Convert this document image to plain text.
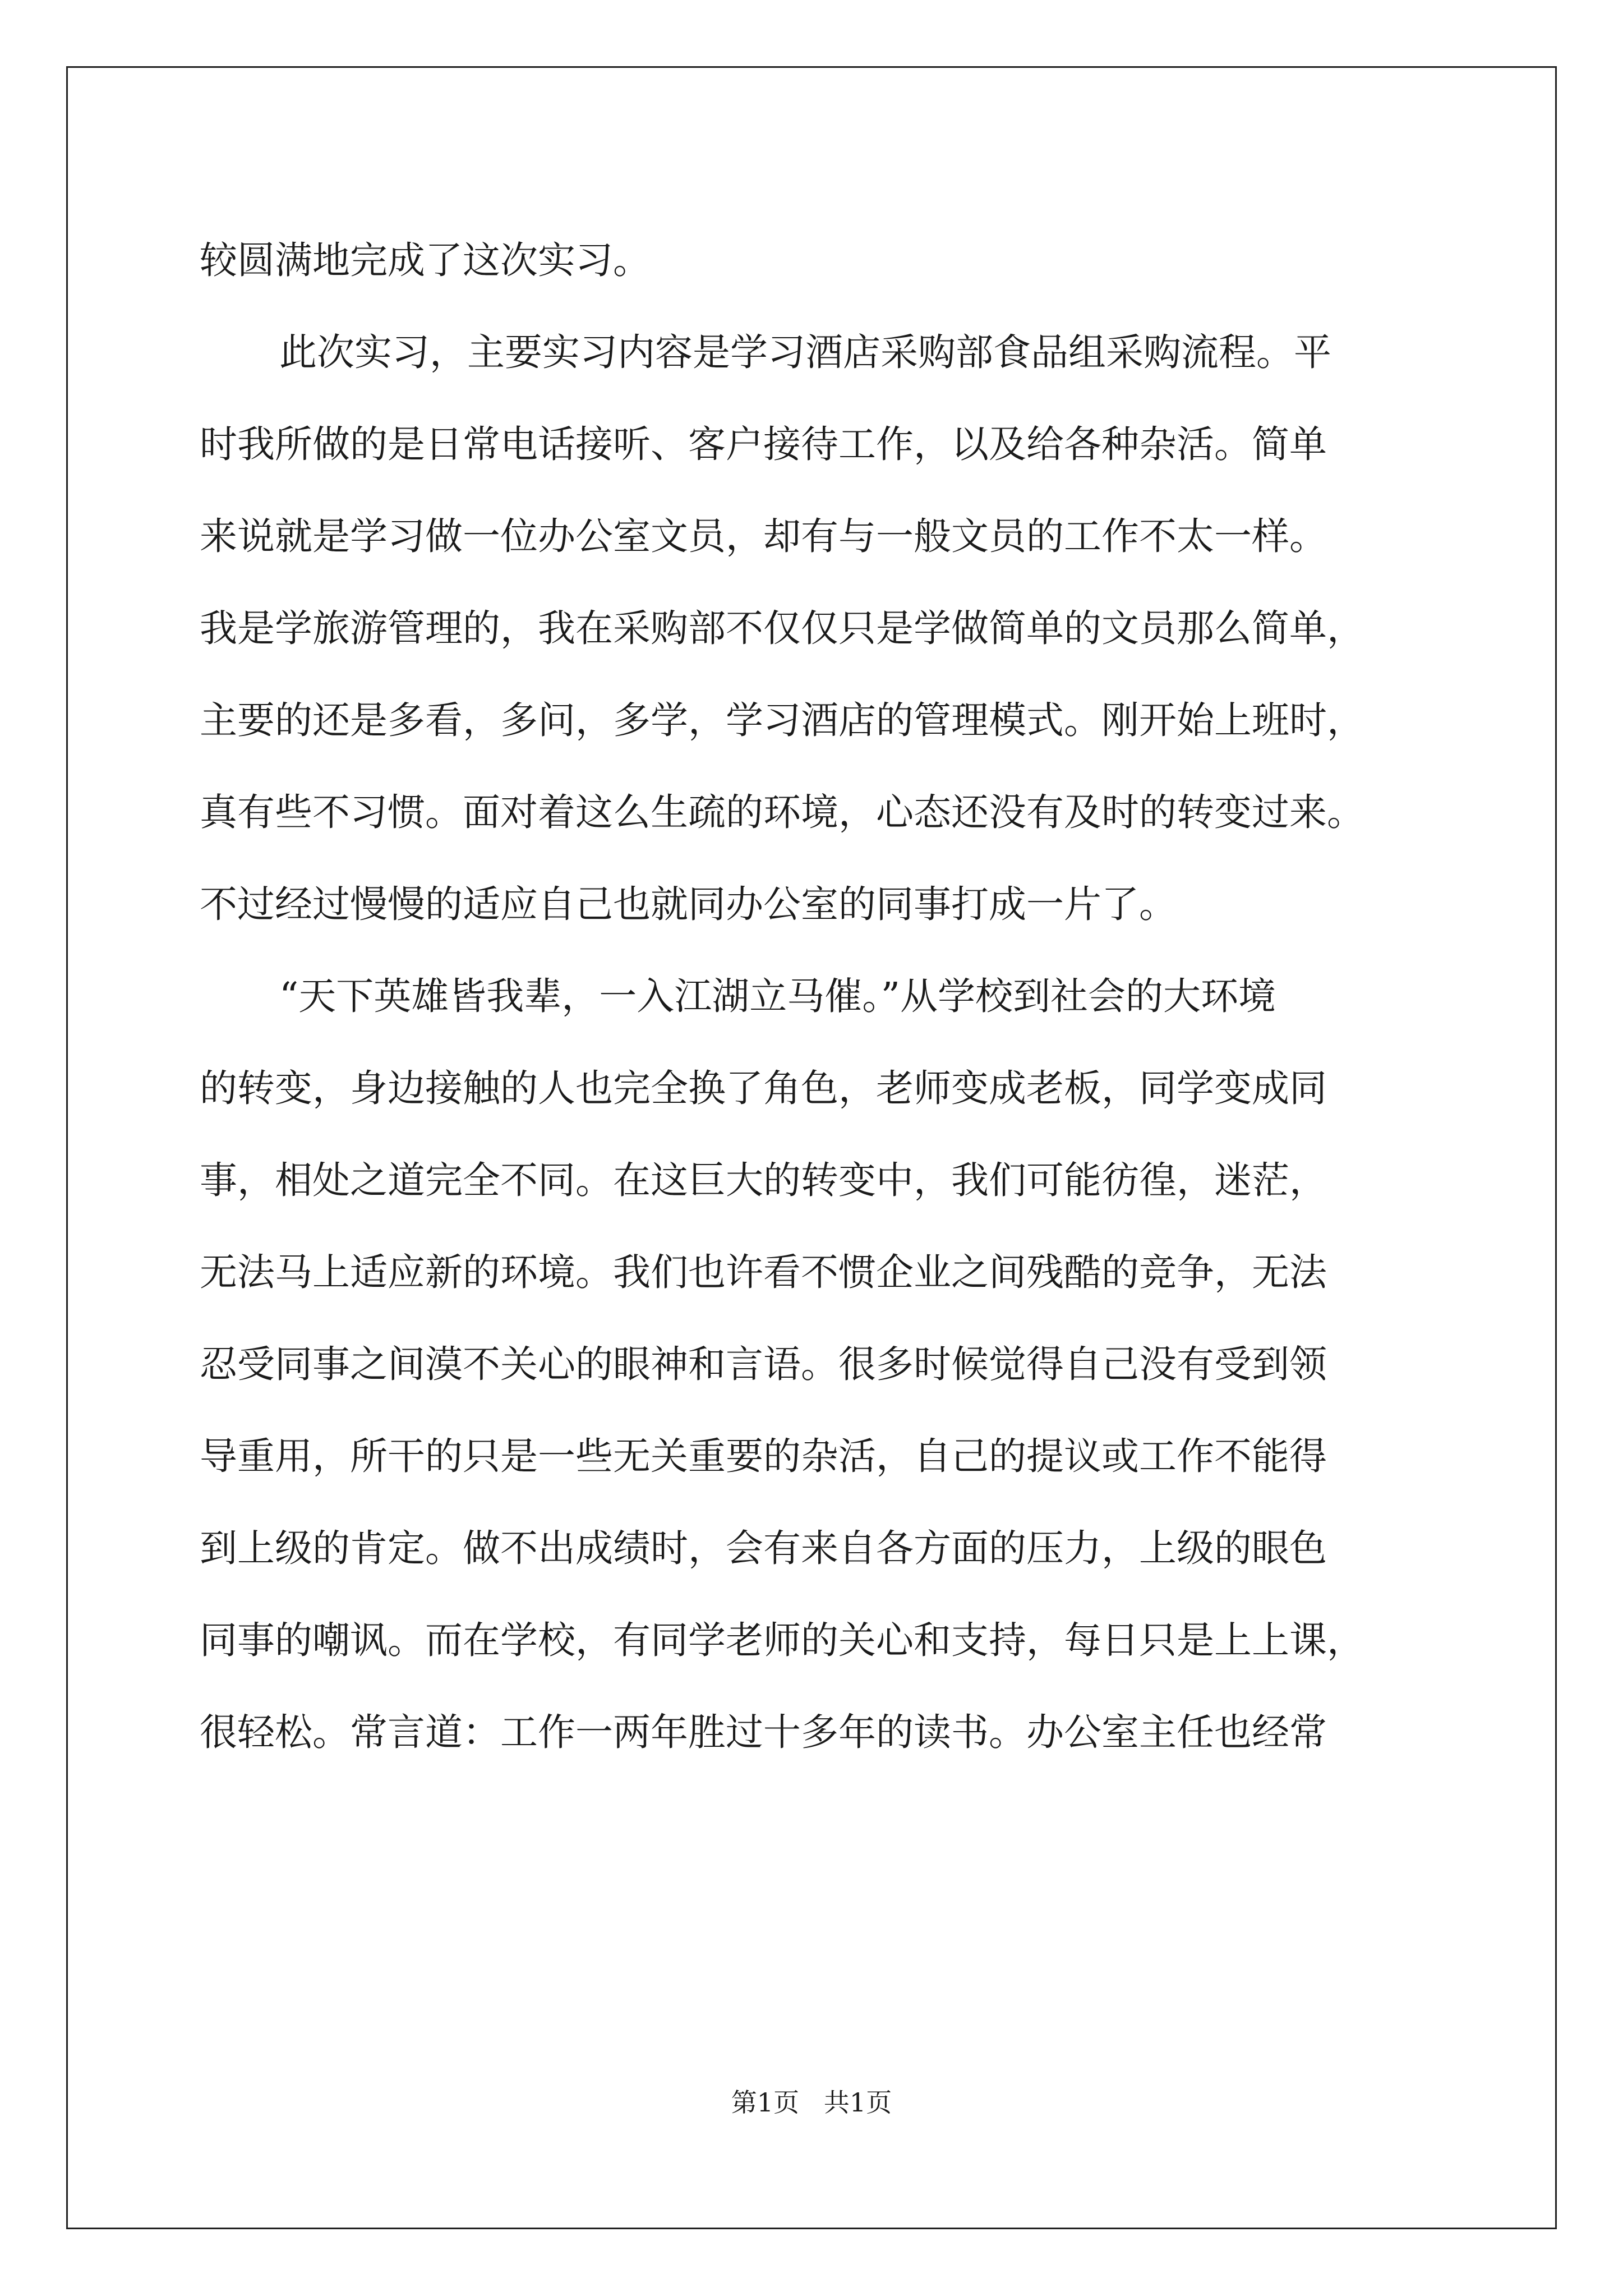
较圆满地完成了这次实习。
此次实习，主要实习内容是学习酒店采购部食品组采购流程。平
时我所做的是日常电话接听、客户接待工作，以及给各种杂活。简单
来说就是学习做一位办公室文员，却有与一般文员的工作不太一样。
我是学旅游管理的，我在采购部不仅仅只是学做简单的文员那么简单，
主要的还是多看，多问，多学，学习酒店的管理模式。刚开始上班时，
真有些不习惯。面对着这么生疏的环境，心态还没有及时的转变过来。
不过经过慢慢的适应自己也就同办公室的同事打成一片了。
“天下英雄皆我辈，一入江湖立马催。”从学校到社会的大环境
的转变，身边接触的人也完全换了角色，老师变成老板，同学变成同
事，相处之道完全不同。在这巨大的转变中，我们可能彷徨，迷茫，
无法马上适应新的环境。我们也许看不惯企业之间残酷的竞争，无法
忍受同事之间漠不关心的眼神和言语。很多时候觉得自己没有受到领
导重用，所干的只是一些无关重要的杂活，自己的提议或工作不能得
到上级的肯定。做不出成绩时，会有来自各方面的压力，上级的眼色
同事的嘲讽。而在学校，有同学老师的关心和支持，每日只是上上课，
很轻松。常言道：工作一两年胜过十多年的读书。办公室主任也经常
第1页   共1页
